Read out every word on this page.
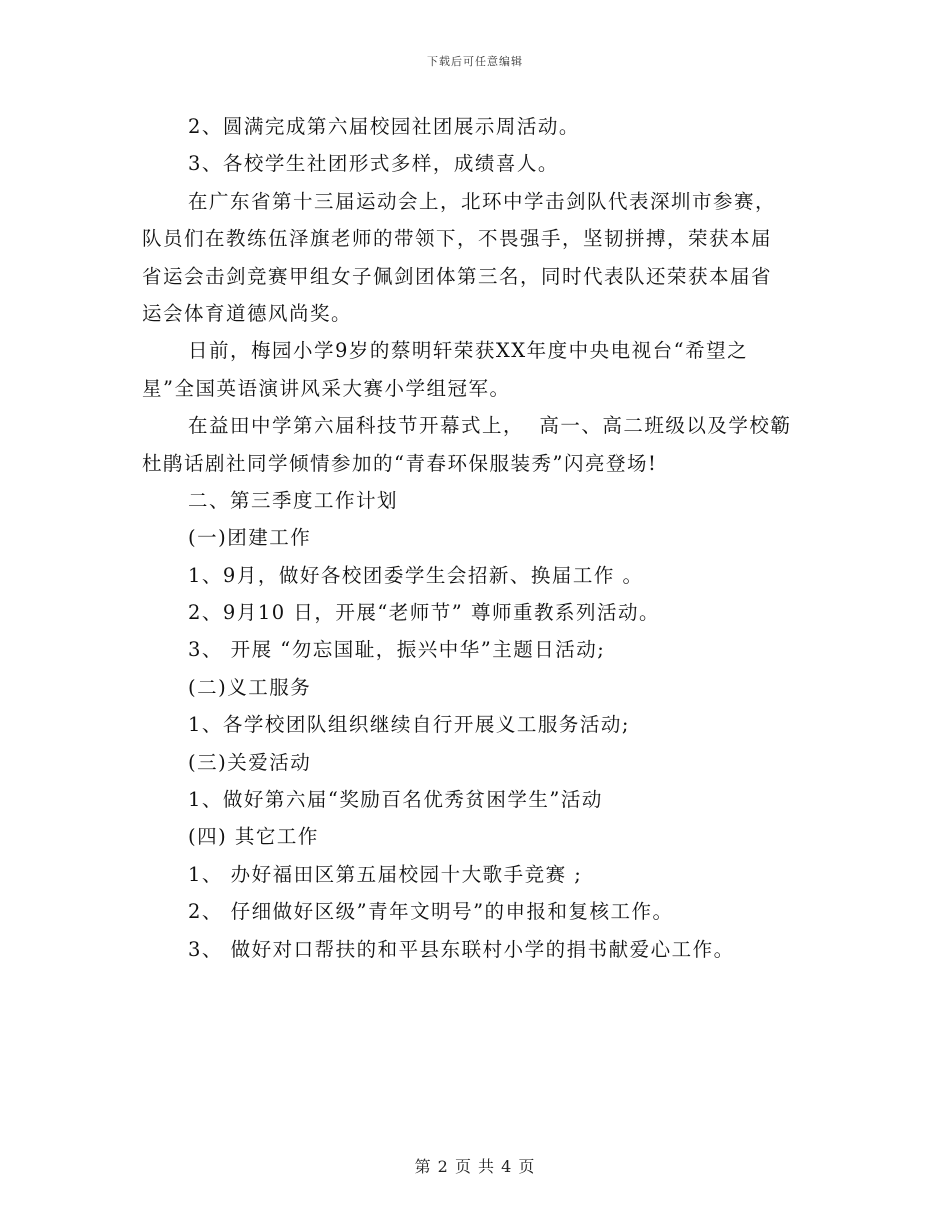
下载后可任意编辑
2、圆满完成第六届校园社团展示周活动。
3、各校学生社团形式多样，成绩喜人。
在广东省第十三届运动会上，北环中学击剑队代表深圳市参赛，
队员们在教练伍泽旗老师的带领下，不畏强手，坚韧拼搏，荣获本届
省运会击剑竞赛甲组女子佩剑团体第三名，同时代表队还荣获本届省
运会体育道德风尚奖。
日前，梅园小学9岁的蔡明轩荣获XX年度中央电视台“希望之
星”全国英语演讲风采大赛小学组冠军。
在益田中学第六届科技节开幕式上，  高一、高二班级以及学校簕
杜鹃话剧社同学倾情参加的“青春环保服装秀”闪亮登场!
二、第三季度工作计划
(一)团建工作
1、9月，做好各校团委学生会招新、换届工作 。
2、9月10 日，开展“老师节” 尊师重教系列活动。
3、 开展 “勿忘国耻，振兴中华”主题日活动;
(二)义工服务
1、各学校团队组织继续自行开展义工服务活动;
(三)关爱活动
1、做好第六届“奖励百名优秀贫困学生”活动
(四) 其它工作
1、 办好福田区第五届校园十大歌手竞赛 ;
2、 仔细做好区级”青年文明号”的申报和复核工作。
3、 做好对口帮扶的和平县东联村小学的捐书献爱心工作。
第 2 页 共 4 页
